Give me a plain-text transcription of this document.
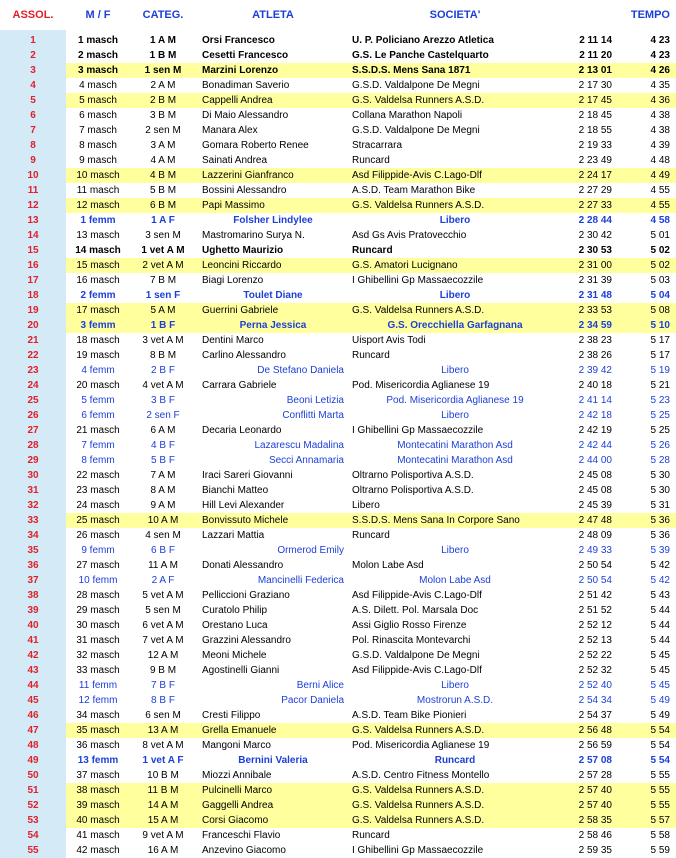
ASSOL.	M / F	CATEG.	ATLETA	SOCIETA'		TEMPO

1	1 masch	1 A M	Orsi Francesco	U. P. Policiano Arezzo Atletica	2 11 14	4 23
2	2 masch	1 B M	Cesetti Francesco	G.S. Le Panche Castelquarto	2 11 20	4 23
3	3 masch	1 sen M	Marzini Lorenzo	S.S.D.S. Mens Sana 1871	2 13 01	4 26
4	4 masch	2 A M	Bonadiman Saverio	G.S.D. Valdalpone De Megni	2 17 30	4 35
5	5 masch	2 B M	Cappelli Andrea	G.S. Valdelsa Runners A.S.D.	2 17 45	4 36
6	6 masch	3 B M	Di Maio Alessandro	Collana Marathon Napoli	2 18 45	4 38
7	7 masch	2 sen M	Manara Alex	G.S.D. Valdalpone De Megni	2 18 55	4 38
8	8 masch	3 A M	Gomara Roberto Renee	Stracarrara	2 19 33	4 39
9	9 masch	4 A M	Sainati Andrea	Runcard	2 23 49	4 48
10	10 masch	4 B M	Lazzerini Gianfranco	Asd Filippide-Avis C.Lago-Dlf	2 24 17	4 49
11	11 masch	5 B M	Bossini Alessandro	A.S.D. Team Marathon Bike	2 27 29	4 55
12	12 masch	6 B M	Papi Massimo	G.S. Valdelsa Runners A.S.D.	2 27 33	4 55
13	1 femm	1 A F	Folsher Lindylee	Libero	2 28 44	4 58
14	13 masch	3 sen M	Mastromarino Surya N.	Asd Gs Avis Pratovecchio	2 30 42	5 01
15	14 masch	1 vet A M	Ughetto Maurizio	Runcard	2 30 53	5 02
16	15 masch	2 vet A M	Leoncini Riccardo	G.S. Amatori Lucignano	2 31 00	5 02
17	16 masch	7 B M	Biagi Lorenzo	I Ghibellini Gp Massaecozzile	2 31 39	5 03
18	2 femm	1 sen F	Toulet Diane	Libero	2 31 48	5 04
19	17 masch	5 A M	Guerrini Gabriele	G.S. Valdelsa Runners A.S.D.	2 33 53	5 08
20	3 femm	1 B F	Perna Jessica	G.S. Orecchiella Garfagnana	2 34 59	5 10
21	18 masch	3 vet A M	Dentini Marco	Uisport Avis Todi	2 38 23	5 17
22	19 masch	8 B M	Carlino Alessandro	Runcard	2 38 26	5 17
23	4 femm	2 B F	De Stefano Daniela	Libero	2 39 42	5 19
24	20 masch	4 vet A M	Carrara Gabriele	Pod. Misericordia Aglianese 19	2 40 18	5 21
25	5 femm	3 B F	Beoni Letizia	Pod. Misericordia Aglianese 19	2 41 14	5 23
26	6 femm	2 sen F	Conflitti Marta	Libero	2 42 18	5 25
27	21 masch	6 A M	Decaria Leonardo	I Ghibellini Gp Massaecozzile	2 42 19	5 25
28	7 femm	4 B F	Lazarescu Madalina	Montecatini Marathon Asd	2 42 44	5 26
29	8 femm	5 B F	Secci Annamaria	Montecatini Marathon Asd	2 44 00	5 28
30	22 masch	7 A M	Iraci Sareri Giovanni	Oltrarno Polisportiva A.S.D.	2 45 08	5 30
31	23 masch	8 A M	Bianchi Matteo	Oltrarno Polisportiva A.S.D.	2 45 08	5 30
32	24 masch	9 A M	Hill Levi Alexander	Libero	2 45 39	5 31
33	25 masch	10 A M	Bonvissuto Michele	S.S.D.S. Mens Sana In Corpore Sano	2 47 48	5 36
34	26 masch	4 sen M	Lazzari Mattia	Runcard	2 48 09	5 36
35	9 femm	6 B F	Ormerod Emily	Libero	2 49 33	5 39
36	27 masch	11 A M	Donati Alessandro	Molon Labe Asd	2 50 54	5 42
37	10 femm	2 A F	Mancinelli Federica	Molon Labe Asd	2 50 54	5 42
38	28 masch	5 vet A M	Pelliccioni Graziano	Asd Filippide-Avis C.Lago-Dlf	2 51 42	5 43
39	29 masch	5 sen M	Curatolo Philip	A.S. Dilett. Pol. Marsala Doc	2 51 52	5 44
40	30 masch	6 vet A M	Orestano Luca	Assi Giglio Rosso Firenze	2 52 12	5 44
41	31 masch	7 vet A M	Grazzini Alessandro	Pol. Rinascita Montevarchi	2 52 13	5 44
42	32 masch	12 A M	Meoni Michele	G.S.D. Valdalpone De Megni	2 52 22	5 45
43	33 masch	9 B M	Agostinelli Gianni	Asd Filippide-Avis C.Lago-Dlf	2 52 32	5 45
44	11 femm	7 B F	Berni Alice	Libero	2 52 40	5 45
45	12 femm	8 B F	Pacor Daniela	Mostrorun A.S.D.	2 54 34	5 49
46	34 masch	6 sen M	Cresti Filippo	A.S.D. Team Bike Pionieri	2 54 37	5 49
47	35 masch	13 A M	Grella Emanuele	G.S. Valdelsa Runners A.S.D.	2 56 48	5 54
48	36 masch	8 vet A M	Mangoni Marco	Pod. Misericordia Aglianese 19	2 56 59	5 54
49	13 femm	1 vet A F	Bernini Valeria	Runcard	2 57 08	5 54
50	37 masch	10 B M	Miozzi Annibale	A.S.D. Centro Fitness Montello	2 57 28	5 55
51	38 masch	11 B M	Pulcinelli Marco	G.S. Valdelsa Runners A.S.D.	2 57 40	5 55
52	39 masch	14 A M	Gaggelli Andrea	G.S. Valdelsa Runners A.S.D.	2 57 40	5 55
53	40 masch	15 A M	Corsi Giacomo	G.S. Valdelsa Runners A.S.D.	2 58 35	5 57
54	41 masch	9 vet A M	Franceschi Flavio	Runcard	2 58 46	5 58
55	42 masch	16 A M	Anzevino Giacomo	I Ghibellini Gp Massaecozzile	2 59 35	5 59
